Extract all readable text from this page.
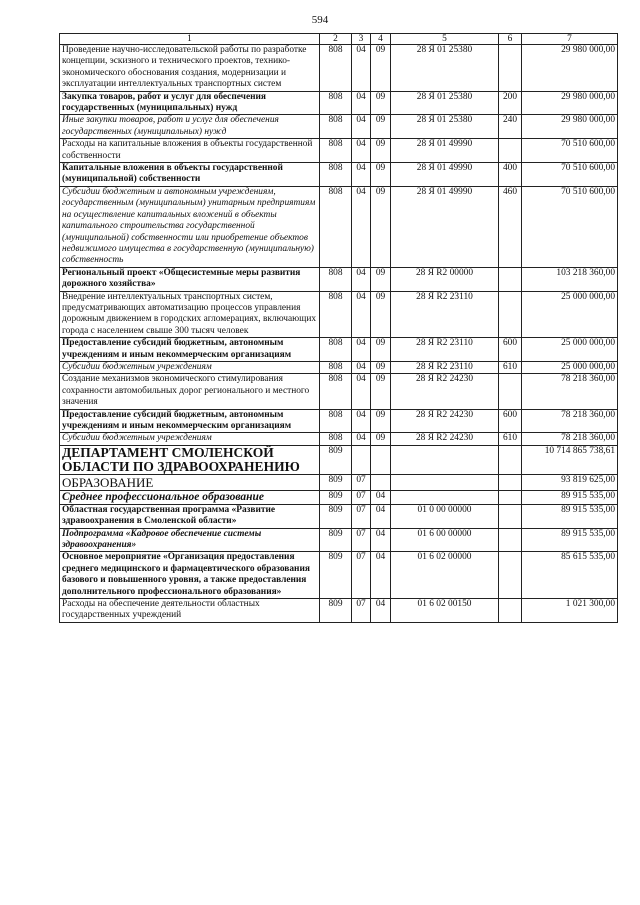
594
1	2	3	4	5	6	7
Проведение научно-исследовательской работы по разработке концепции, эскизного и технического проектов, технико-экономического обоснования создания, модернизации и эксплуатации интеллектуальных транспортных систем	808	04	09	28 Я 01 25380		29 980 000,00
Закупка товаров, работ и услуг для обеспечения государственных (муниципальных) нужд	808	04	09	28 Я 01 25380	200	29 980 000,00
Иные закупки товаров, работ и услуг для обеспечения государственных (муниципальных) нужд	808	04	09	28 Я 01 25380	240	29 980 000,00
Расходы на капитальные вложения в объекты государственной собственности	808	04	09	28 Я 01 49990		70 510 600,00
Капитальные вложения в объекты государственной (муниципальной) собственности	808	04	09	28 Я 01 49990	400	70 510 600,00
Субсидии бюджетным и автономным учреждениям, государственным (муниципальным) унитарным предприятиям на осуществление капитальных вложений в объекты капитального строительства государственной (муниципальной) собственности или приобретение объектов недвижимого имущества в государственную (муниципальную) собственность	808	04	09	28 Я 01 49990	460	70 510 600,00
Региональный проект «Общесистемные меры развития дорожного хозяйства»	808	04	09	28 Я R2 00000		103 218 360,00
Внедрение интеллектуальных транспортных систем, предусматривающих автоматизацию процессов управления дорожным движением в городских агломерациях, включающих города с населением свыше 300 тысяч человек	808	04	09	28 Я R2 23110		25 000 000,00
Предоставление субсидий бюджетным, автономным учреждениям и иным некоммерческим организациям	808	04	09	28 Я R2 23110	600	25 000 000,00
Субсидии бюджетным учреждениям	808	04	09	28 Я R2 23110	610	25 000 000,00
Создание механизмов экономического стимулирования сохранности автомобильных дорог регионального и местного значения	808	04	09	28 Я R2 24230		78 218 360,00
Предоставление субсидий бюджетным, автономным учреждениям и иным некоммерческим организациям	808	04	09	28 Я R2 24230	600	78 218 360,00
Субсидии бюджетным учреждениям	808	04	09	28 Я R2 24230	610	78 218 360,00
ДЕПАРТАМЕНТ СМОЛЕНСКОЙ ОБЛАСТИ ПО ЗДРАВООХРАНЕНИЮ	809					10 714 865 738,61
ОБРАЗОВАНИЕ	809	07				93 819 625,00
Среднее профессиональное образование	809	07	04			89 915 535,00
Областная государственная программа «Развитие здравоохранения в Смоленской области»	809	07	04	01 0 00 00000		89 915 535,00
Подпрограмма «Кадровое обеспечение системы здравоохранения»	809	07	04	01 6 00 00000		89 915 535,00
Основное мероприятие «Организация предоставления среднего медицинского и фармацевтического образования базового и повышенного уровня, а также предоставления дополнительного профессионального образования»	809	07	04	01 6 02 00000		85 615 535,00
Расходы на обеспечение деятельности областных государственных учреждений	809	07	04	01 6 02 00150		1 021 300,00
